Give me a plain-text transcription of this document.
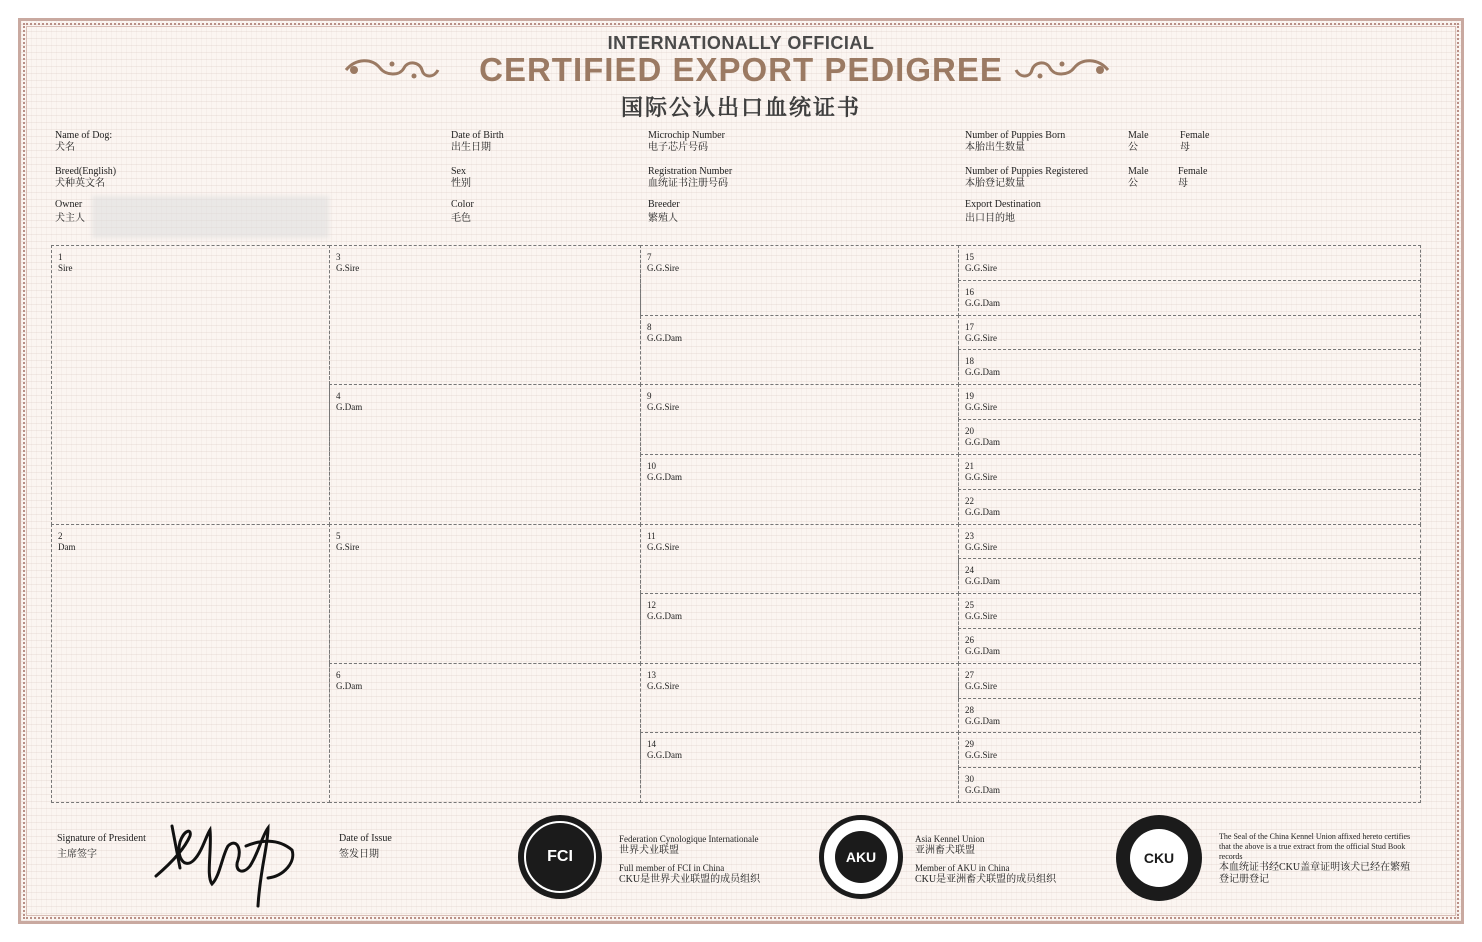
INTERNATIONALLY OFFICIAL
CERTIFIED EXPORT PEDIGREE
国际公认出口血统证书
Name of Dog:
犬名
Date of Birth
出生日期
Microchip Number
电子芯片号码
Number of Puppies Born
本胎出生数量
Male
公
Female
母
Breed(English)
犬种英文名
Sex
性别
Registration Number
血统证书注册号码
Number of Puppies Registered
本胎登记数量
Male
公
Female
母
Owner
犬主人
Color
毛色
Breeder
繁殖人
Export Destination
出口目的地
1
Sire
2
Dam
3
G.Sire
4
G.Dam
5
G.Sire
6
G.Dam
7
G.G.Sire
8
G.G.Dam
9
G.G.Sire
10
G.G.Dam
11
G.G.Sire
12
G.G.Dam
13
G.G.Sire
14
G.G.Dam
15
G.G.Sire
16
G.G.Dam
17
G.G.Sire
18
G.G.Dam
19
G.G.Sire
20
G.G.Dam
21
G.G.Sire
22
G.G.Dam
23
G.G.Sire
24
G.G.Dam
25
G.G.Sire
26
G.G.Dam
27
G.G.Sire
28
G.G.Dam
29
G.G.Sire
30
G.G.Dam
Signature of President
主席签字
Date of Issue
签发日期	FCI
Federation Cynologique Internationale
世界犬业联盟
Full member of FCI in China
CKU是世界犬业联盟的成员组织
AKU
Asia Kennel Union
亚洲畜犬联盟
Member of AKU in China
CKU是亚洲畜犬联盟的成员组织
CKU
The Seal of the China Kennel Union affixed hereto certifies
that the above is a true extract from the official Stud Book
records
本血统证书经CKU盖章证明该犬已经在繁殖
登记册登记
